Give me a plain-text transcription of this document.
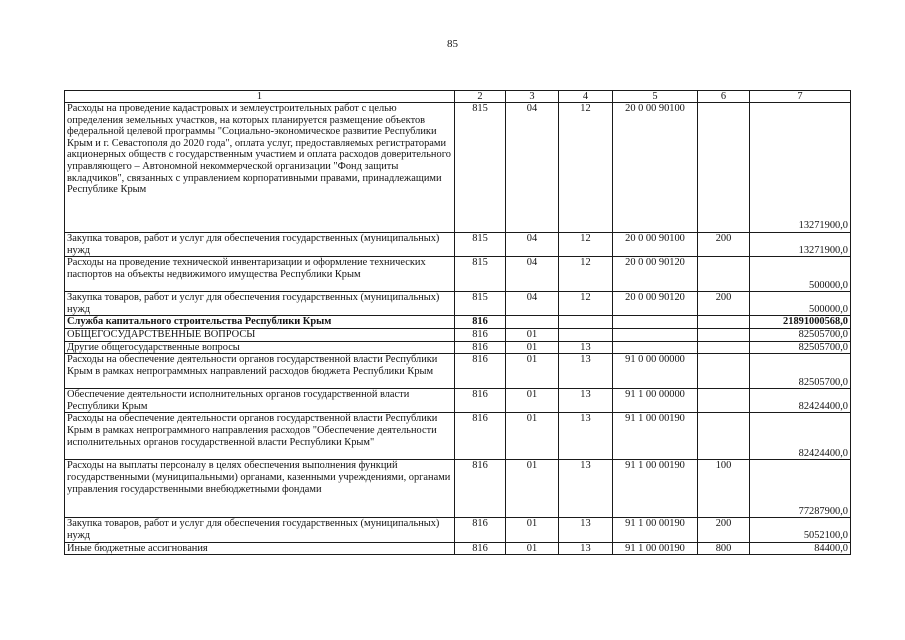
85
1	2	3	4	5	6	7
Расходы на проведение кадастровых и землеустроительных работ с целью определения земельных участков, на которых планируется размещение объектов федеральной целевой программы "Социально-экономическое развитие Республики Крым и г. Севастополя до 2020 года", оплата услуг, предоставляемых регистраторами акционерных обществ с государственным участием и оплата расходов доверительного управляющего – Автономной некоммерческой организации "Фонд защиты вкладчиков", связанных с управлением корпоративными правами, принадлежащими Республике Крым	815	04	12	20 0 00 90100		13271900,0
Закупка товаров, работ и услуг для обеспечения государственных (муниципальных) нужд	815	04	12	20 0 00 90100	200	13271900,0
Расходы на проведение технической инвентаризации и оформление технических паспортов на объекты недвижимого имущества Республики Крым	815	04	12	20 0 00 90120		500000,0
Закупка товаров, работ и услуг для обеспечения государственных (муниципальных) нужд	815	04	12	20 0 00 90120	200	500000,0
Служба капитального строительства Республики Крым	816					21891000568,0
ОБЩЕГОСУДАРСТВЕННЫЕ ВОПРОСЫ	816	01				82505700,0
Другие общегосударственные вопросы	816	01	13			82505700,0
Расходы на обеспечение деятельности органов государственной власти Республики Крым в рамках непрограммных направлений расходов бюджета Республики Крым	816	01	13	91 0 00 00000		82505700,0
Обеспечение деятельности исполнительных органов государственной власти Республики Крым	816	01	13	91 1 00 00000		82424400,0
Расходы на обеспечение деятельности органов государственной власти Республики Крым в рамках непрограммного направления расходов "Обеспечение деятельности исполнительных органов государственной власти Республики Крым"	816	01	13	91 1 00 00190		82424400,0
Расходы на выплаты персоналу в целях обеспечения выполнения функций государственными (муниципальными) органами, казенными учреждениями, органами управления государственными внебюджетными фондами	816	01	13	91 1 00 00190	100	77287900,0
Закупка товаров, работ и услуг для обеспечения государственных (муниципальных) нужд	816	01	13	91 1 00 00190	200	5052100,0
Иные бюджетные ассигнования	816	01	13	91 1 00 00190	800	84400,0
